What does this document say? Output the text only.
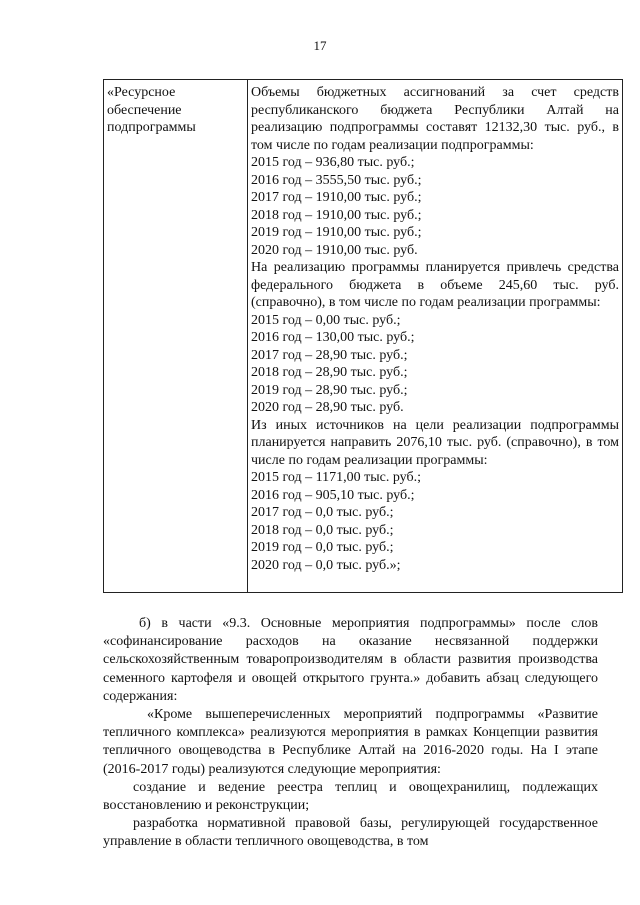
17
«Ресурсное обеспечение подпрограммы
Объемы бюджетных ассигнований за счет средств республиканского бюджета Республики Алтай на реализацию подпрограммы составят 12132,30 тыс. руб., в том числе по годам реализации подпрограммы:
2015 год – 936,80 тыс. руб.;
2016 год – 3555,50 тыс. руб.;
2017 год – 1910,00 тыс. руб.;
2018 год – 1910,00 тыс. руб.;
2019 год – 1910,00 тыс. руб.;
2020 год – 1910,00 тыс. руб.
На реализацию программы планируется привлечь средства федерального бюджета в объеме 245,60 тыс. руб. (справочно), в том числе по годам реализации программы:
2015 год – 0,00 тыс. руб.;
2016 год – 130,00 тыс. руб.;
2017 год – 28,90 тыс. руб.;
2018 год – 28,90 тыс. руб.;
2019 год – 28,90 тыс. руб.;
2020 год – 28,90 тыс. руб.
Из иных источников на цели реализации подпрограммы планируется направить 2076,10 тыс. руб. (справочно), в том числе по годам реализации программы:
2015 год – 1171,00 тыс. руб.;
2016 год – 905,10 тыс. руб.;
2017 год – 0,0 тыс. руб.;
2018 год – 0,0 тыс. руб.;
2019 год – 0,0 тыс. руб.;
2020 год – 0,0 тыс. руб.»;

б) в части «9.3. Основные мероприятия подпрограммы» после слов «софинансирование расходов на оказание несвязанной поддержки сельскохозяйственным товаропроизводителям в области развития производства семенного картофеля и овощей открытого грунта.» добавить абзац следующего содержания:

«Кроме вышеперечисленных мероприятий подпрограммы «Развитие тепличного комплекса» реализуются мероприятия в рамках Концепции развития тепличного овощеводства в Республике Алтай на 2016-2020 годы. На I этапе (2016-2017 годы) реализуются следующие мероприятия:

создание и ведение реестра теплиц и овощехранилищ, подлежащих восстановлению и реконструкции;

разработка нормативной правовой базы, регулирующей государственное управление в области тепличного овощеводства, в том
